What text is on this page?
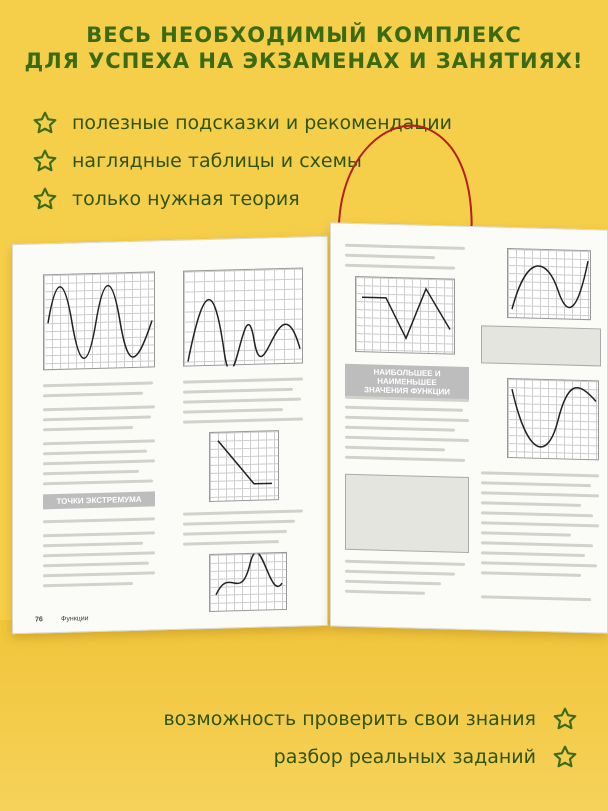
ВЕСЬ НЕОБХОДИМЫЙ КОМПЛЕКС
ДЛЯ УСПЕХА НА ЭКЗАМЕНАХ И ЗАНЯТИЯХ!
полезные подсказки и рекомендации
наглядные таблицы и схемы
только нужная теория
ТОЧКИ ЭКСТРЕМУМА
76	Функции
НАИБОЛЬШЕЕ И НАИМЕНЬШЕЕ
ЗНАЧЕНИЯ ФУНКЦИИ
возможность проверить свои знания
разбор реальных заданий
